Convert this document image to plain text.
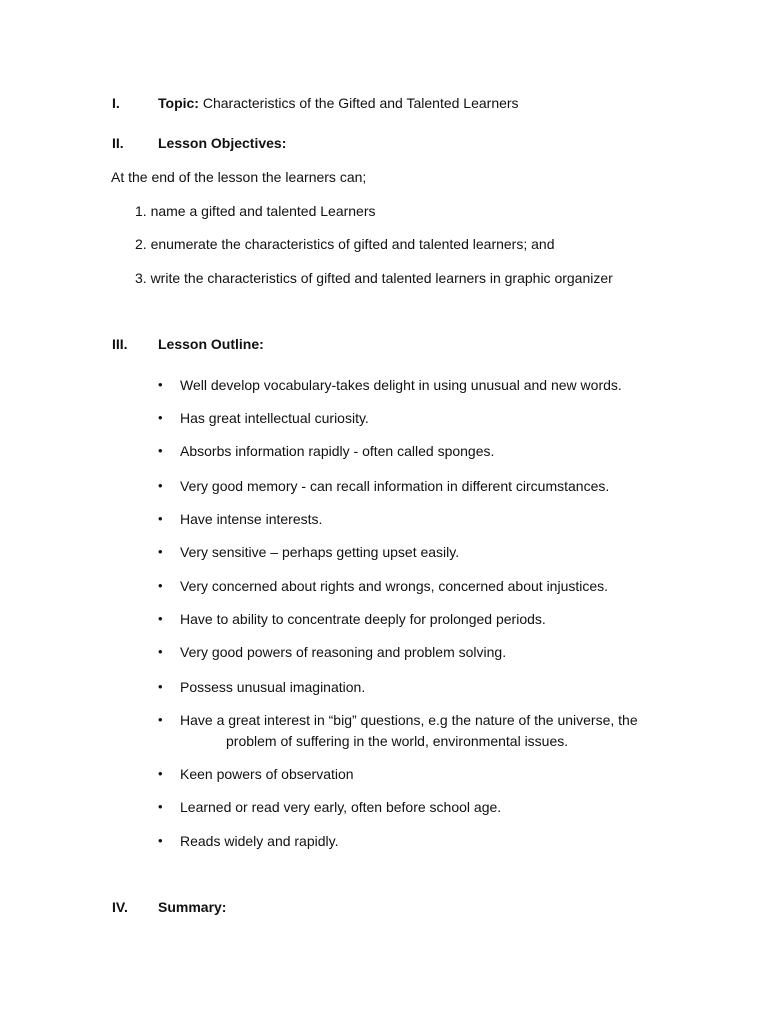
I.	Topic: Characteristics of the Gifted and Talented Learners
II. Lesson Objectives:
At the end of the lesson the learners can;
1. name a gifted and talented Learners
2. enumerate the characteristics of gifted and talented learners; and
3. write the characteristics of gifted and talented learners in graphic organizer
III. Lesson Outline:
• Well develop vocabulary-takes delight in using unusual and new words.
• Has great intellectual curiosity.
• Absorbs information rapidly - often called sponges.
• Very good memory - can recall information in different circumstances.
• Have intense interests.
• Very sensitive – perhaps getting upset easily.
• Very concerned about rights and wrongs, concerned about injustices.
• Have to ability to concentrate deeply for prolonged periods.
• Very good powers of reasoning and problem solving.
• Possess unusual imagination.
• Have a great interest in “big” questions, e.g the nature of the universe, the
problem of suffering in the world, environmental issues.
• Keen powers of observation
• Learned or read very early, often before school age.
• Reads widely and rapidly.
IV. Summary:
